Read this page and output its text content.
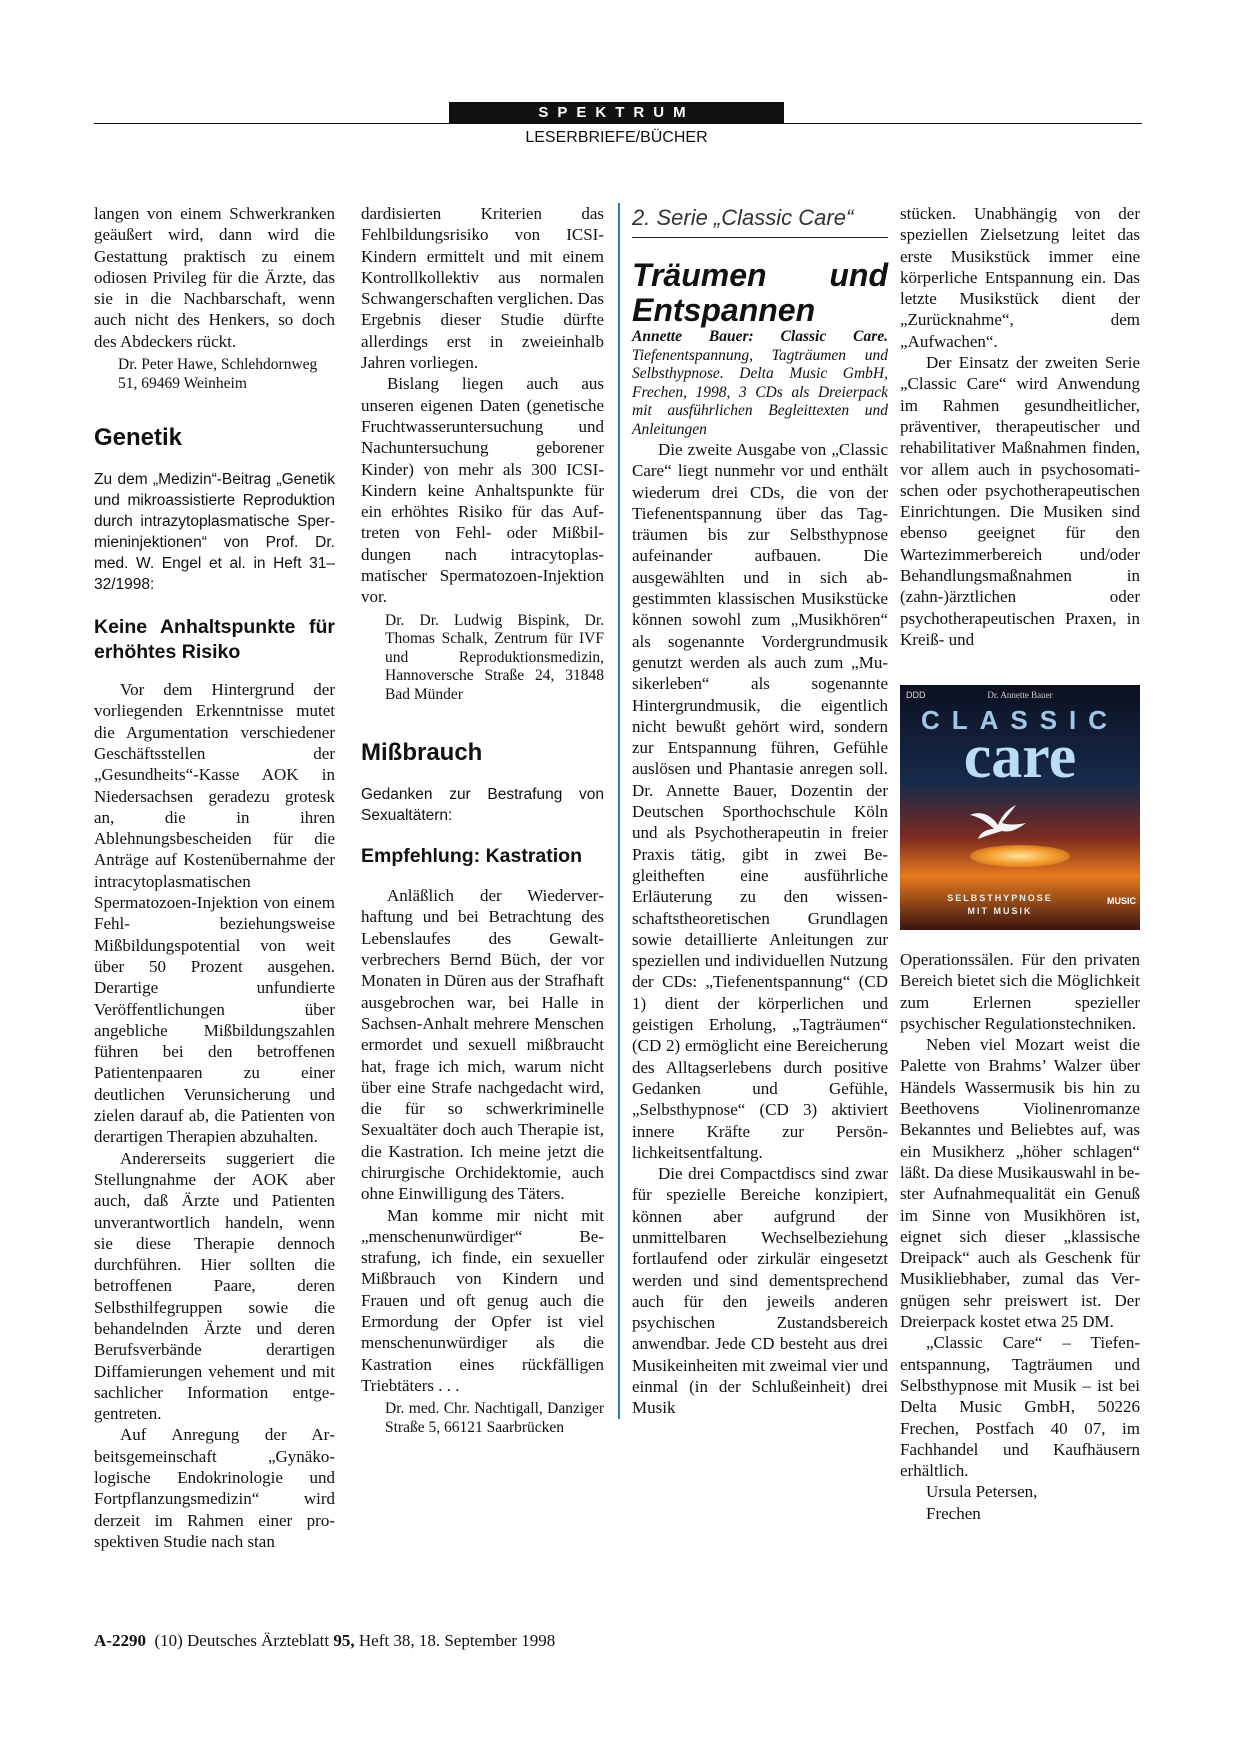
SPEKTRUM
LESERBRIEFE/BÜCHER

langen von einem Schwerkranken geäußert wird, dann wird die Gestattung praktisch zu einem odiosen Privileg für die Ärzte, das sie in die Nachbarschaft, wenn auch nicht des Henkers, so doch des Abdeckers rückt.

Dr. Peter Hawe, Schlehdornweg 51, 69469 Weinheim

Genetik

Zu dem „Medizin“-Beitrag „Genetik und mikroassistierte Reproduktion durch intrazytoplasmatische Spermieninjektionen“ von Prof. Dr. med. W. Engel et al. in Heft 31–32/1998:

Keine Anhaltspunkte für erhöhtes Risiko

Vor dem Hintergrund der vorliegenden Erkenntnisse mutet die Argumentation verschiedener Geschäftsstellen der „Gesundheits“-Kasse AOK in Niedersachsen geradezu grotesk an, die in ihren Ablehnungsbescheiden für die Anträge auf Kostenübernahme der intracytoplasmatischen Spermatozoen-Injektion von einem Fehl- beziehungsweise Mißbildungspotential von weit über 50 Prozent ausgehen. Derartige unfundierte Veröffentlichungen über angebliche Mißbildungszahlen führen bei den betroffenen Patientenpaaren zu einer deutlichen Verunsicherung und zielen darauf ab, die Patienten von derartigen Therapien abzuhalten.

Andererseits suggeriert die Stellungnahme der AOK aber auch, daß Ärzte und Patienten unverantwortlich handeln, wenn sie diese Therapie dennoch durchführen. Hier sollten die betroffenen Paare, deren Selbsthilfegruppen sowie die behandelnden Ärzte und deren Berufsverbände derartigen Diffamierungen vehement und mit sachlicher Information entgegentreten.

Auf Anregung der Arbeitsgemeinschaft „Gynäkologische Endokrinologie und Fortpflanzungsmedizin“ wird derzeit im Rahmen einer prospektiven Studie nach stan

dardisierten Kriterien das Fehlbildungsrisiko von ICSI-Kindern ermittelt und mit einem Kontrollkollektiv aus normalen Schwangerschaften verglichen. Das Ergebnis dieser Studie dürfte allerdings erst in zweieinhalb Jahren vorliegen.

Bislang liegen auch aus unseren eigenen Daten (genetische Fruchtwasseruntersuchung und Nachuntersuchung geborener Kinder) von mehr als 300 ICSI-Kindern keine Anhaltspunkte für ein erhöhtes Risiko für das Auftreten von Fehl- oder Mißbildungen nach intracytoplasmatischer Spermatozoen-Injektion vor.

Dr. Dr. Ludwig Bispink, Dr. Thomas Schalk, Zentrum für IVF und Reproduktionsmedizin, Hannoversche Straße 24, 31848 Bad Münder

Mißbrauch

Gedanken zur Bestrafung von Sexualtätern:

Empfehlung: Kastration

Anläßlich der Wiederverhaftung und bei Betrachtung des Lebenslaufes des Gewaltverbrechers Bernd Büch, der vor Monaten in Düren aus der Strafhaft ausgebrochen war, bei Halle in Sachsen-Anhalt mehrere Menschen ermordet und sexuell mißbraucht hat, frage ich mich, warum nicht über eine Strafe nachgedacht wird, die für so schwerkriminelle Sexualtäter doch auch Therapie ist, die Kastration. Ich meine jetzt die chirurgische Orchidektomie, auch ohne Einwilligung des Täters.

Man komme mir nicht mit „menschenunwürdiger“ Bestrafung, ich finde, ein sexueller Mißbrauch von Kindern und Frauen und oft genug auch die Ermordung der Opfer ist viel menschenunwürdiger als die Kastration eines rückfälligen Triebtäters . . .

Dr. med. Chr. Nachtigall, Danziger Straße 5, 66121 Saarbrücken

2. Serie „Classic Care“
Träumen und Entspannen

Annette Bauer: Classic Care. Tiefenentspannung, Tagträumen und Selbsthypnose. Delta Music GmbH, Frechen, 1998, 3 CDs als Dreierpack mit ausführlichen Begleittexten und Anleitungen

Die zweite Ausgabe von „Classic Care“ liegt nunmehr vor und enthält wiederum drei CDs, die von der Tiefenentspannung über das Tagträumen bis zur Selbsthypnose aufeinander aufbauen. Die ausgewählten und in sich abgestimmten klassischen Musikstücke können sowohl zum „Musikhören“ als sogenannte Vordergrundmusik genutzt werden als auch zum „Musikerleben“ als sogenannte Hintergrundmusik, die eigentlich nicht bewußt gehört wird, sondern zur Entspannung führen, Gefühle auslösen und Phantasie anregen soll. Dr. Annette Bauer, Dozentin der Deutschen Sporthochschule Köln und als Psychotherapeutin in freier Praxis tätig, gibt in zwei Begleitheften eine ausführliche Erläuterung zu den wissenschaftstheoretischen Grundlagen sowie detaillierte Anleitungen zur speziellen und individuellen Nutzung der CDs: „Tiefenentspannung“ (CD 1) dient der körperlichen und geistigen Erholung, „Tagträumen“ (CD 2) ermöglicht eine Bereicherung des Alltagserlebens durch positive Gedanken und Gefühle, „Selbsthypnose“ (CD 3) aktiviert innere Kräfte zur Persönlichkeitsentfaltung.

Die drei Compactdiscs sind zwar für spezielle Bereiche konzipiert, können aber aufgrund der unmittelbaren Wechselbeziehung fortlaufend oder zirkulär eingesetzt werden und sind dementsprechend auch für den jeweils anderen psychischen Zustandsbereich anwendbar. Jede CD besteht aus drei Musikeinheiten mit zweimal vier und einmal (in der Schlußeinheit) drei Musik

stücken. Unabhängig von der speziellen Zielsetzung leitet das erste Musikstück immer eine körperliche Entspannung ein. Das letzte Musikstück dient der „Zurücknahme“, dem „Aufwachen“.

Der Einsatz der zweiten Serie „Classic Care“ wird Anwendung im Rahmen gesundheitlicher, präventiver, therapeutischer und rehabilitativer Maßnahmen finden, vor allem auch in psychosomatischen oder psychotherapeutischen Einrichtungen. Die Musiken sind ebenso geeignet für den Wartezimmerbereich und/oder Behandlungsmaßnahmen in (zahn-)ärztlichen oder psychotherapeutischen Praxen, in Kreiß- und

DDD	Dr. Annette Bauer
CLASSIC
care
SELBSTHYPNOSE
MIT MUSIK
MUSIC

Operationssälen. Für den privaten Bereich bietet sich die Möglichkeit zum Erlernen spezieller psychischer Regulationstechniken.

Neben viel Mozart weist die Palette von Brahms’ Walzer über Händels Wassermusik bis hin zu Beethovens Violinenromanze Bekanntes und Beliebtes auf, was ein Musikherz „höher schlagen“ läßt. Da diese Musikauswahl in bester Aufnahmequalität ein Genuß im Sinne von Musikhören ist, eignet sich dieser „klassische Dreipack“ auch als Geschenk für Musikliebhaber, zumal das Vergnügen sehr preiswert ist. Der Dreierpack kostet etwa 25 DM.

„Classic Care“ – Tiefenentspannung, Tagträumen und Selbsthypnose mit Musik – ist bei Delta Music GmbH, 50226 Frechen, Postfach 40 07, im Fachhandel und Kaufhäusern erhältlich.

Ursula Petersen,

Frechen

A-2290  (10) Deutsches Ärzteblatt 95, Heft 38, 18. September 1998
